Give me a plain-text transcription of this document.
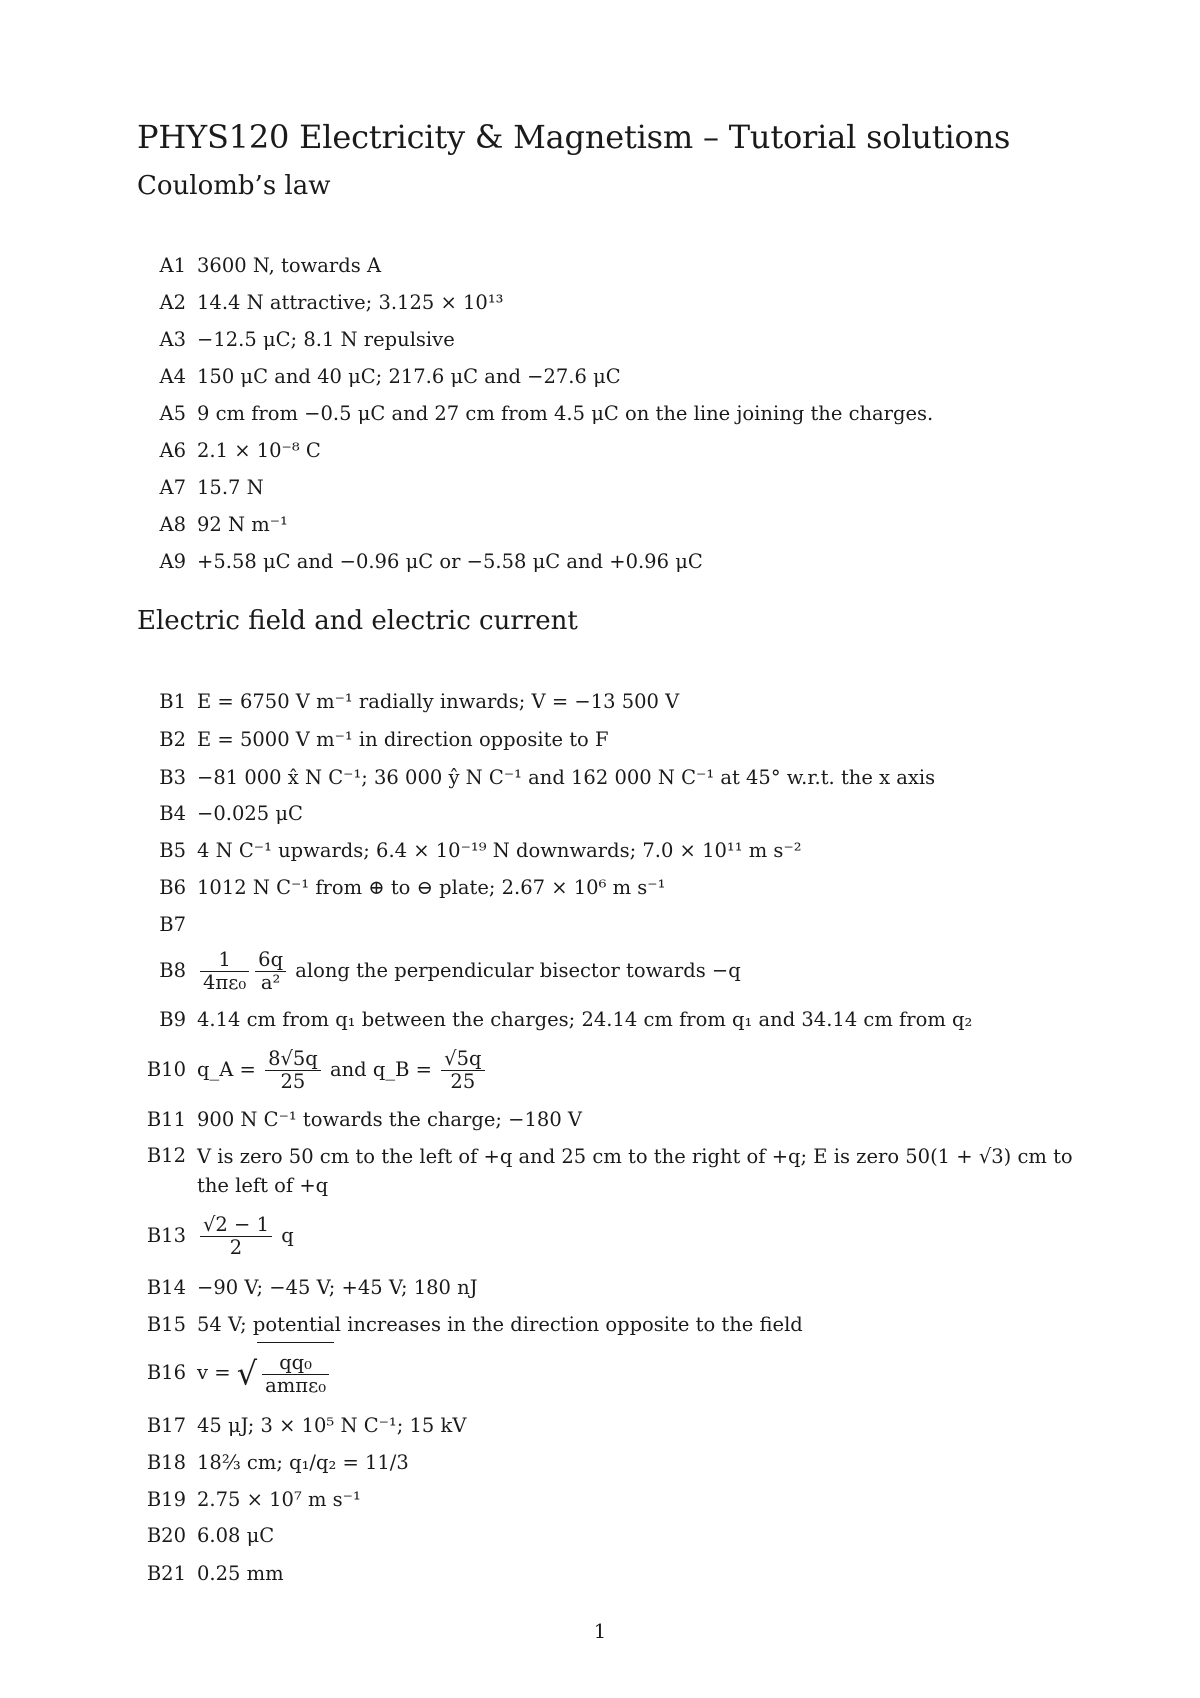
PHYS120 Electricity & Magnetism – Tutorial solutions
Coulomb’s law
A1 3600 N, towards A
A2 14.4 N attractive; 3.125 × 10¹³
A3 −12.5 μC; 8.1 N repulsive
A4 150 μC and 40 μC; 217.6 μC and −27.6 μC
A5 9 cm from −0.5 μC and 27 cm from 4.5 μC on the line joining the charges.
A6 2.1 × 10⁻⁸ C
A7 15.7 N
A8 92 N m⁻¹
A9 +5.58 μC and −0.96 μC or −5.58 μC and +0.96 μC
Electric field and electric current
B1 E = 6750 V m⁻¹ radially inwards; V = −13 500 V
B2 E = 5000 V m⁻¹ in direction opposite to F
B3 −81 000 x̂ N C⁻¹; 36 000 ŷ N C⁻¹ and 162 000 N C⁻¹ at 45° w.r.t. the x axis
B4 −0.025 μC
B5 4 N C⁻¹ upwards; 6.4 × 10⁻¹⁹ N downwards; 7.0 × 10¹¹ m s⁻²
B6 1012 N C⁻¹ from ⊕ to ⊖ plate; 2.67 × 10⁶ m s⁻¹
B7
$B8 \frac{1}{\text{4πε₀}} \frac{6q}{\text{a²}}$ along the perpendicular bisector towards −q
B9 4.14 cm from q₁ between the charges; 24.14 cm from q₁ and 34.14 cm from q₂
B10 q_A = $\frac{8√5q}{25}$ and q_B = $\frac{√5q}{25}$
B11 900 N C⁻¹ towards the charge; −180 V
B12 V is zero 50 cm to the left of +q and 25 cm to the right of +q; E is zero 50(1 + √3) cm to the left of +q
$B13 \frac{√2 - 1}{2}$ q
B14 −90 V; −45 V; +45 V; 180 nJ
B15 54 V; potential increases in the direction opposite to the field
B16 v = √ $\frac{\text{qq₀}}{\text{amπε₀}}$
B17 45 μJ; 3 × 10⁵ N C⁻¹; 15 kV
B18 18⅔ cm; q₁/q₂ = 11/3
B19 2.75 × 10⁷ m s⁻¹
B20 6.08 μC
B21 0.25 mm
1
